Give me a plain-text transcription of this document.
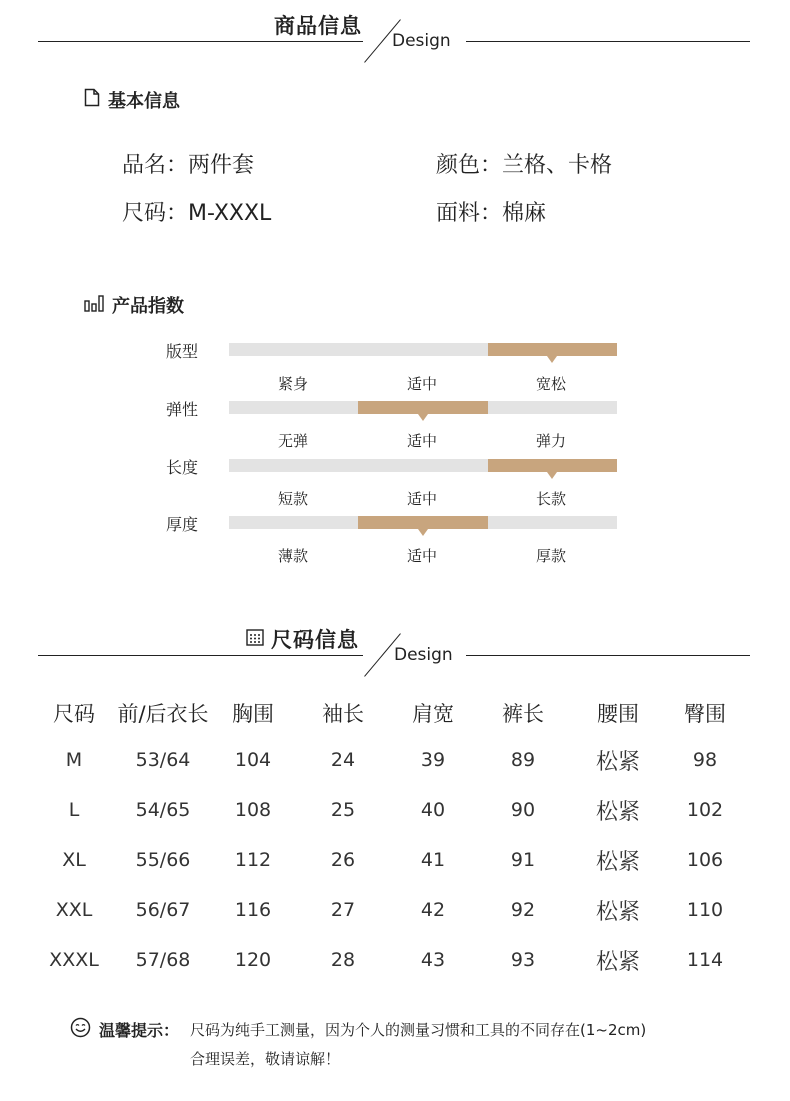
商品信息
Design
基本信息
品名：两件套	颜色：兰格、卡格
尺码：M-XXXL	面料：棉麻
产品指数
版型
紧身	适中	宽松
弹性
无弹	适中	弹力
长度
短款	适中	长款
厚度
薄款	适中	厚款
尺码信息
Design
尺码	前/后衣长	胸围	袖长	肩宽	裤长	腰围	臀围
M	53/64	104	24	39	89	松紧	98
L	54/65	108	25	40	90	松紧	102
XL	55/66	112	26	41	91	松紧	106
XXL	56/67	116	27	42	92	松紧	110
XXXL	57/68	120	28	43	93	松紧	114
温馨提示： 尺码为纯手工测量，因为个人的测量习惯和工具的不同存在(1~2cm)
合理误差，敬请谅解！
